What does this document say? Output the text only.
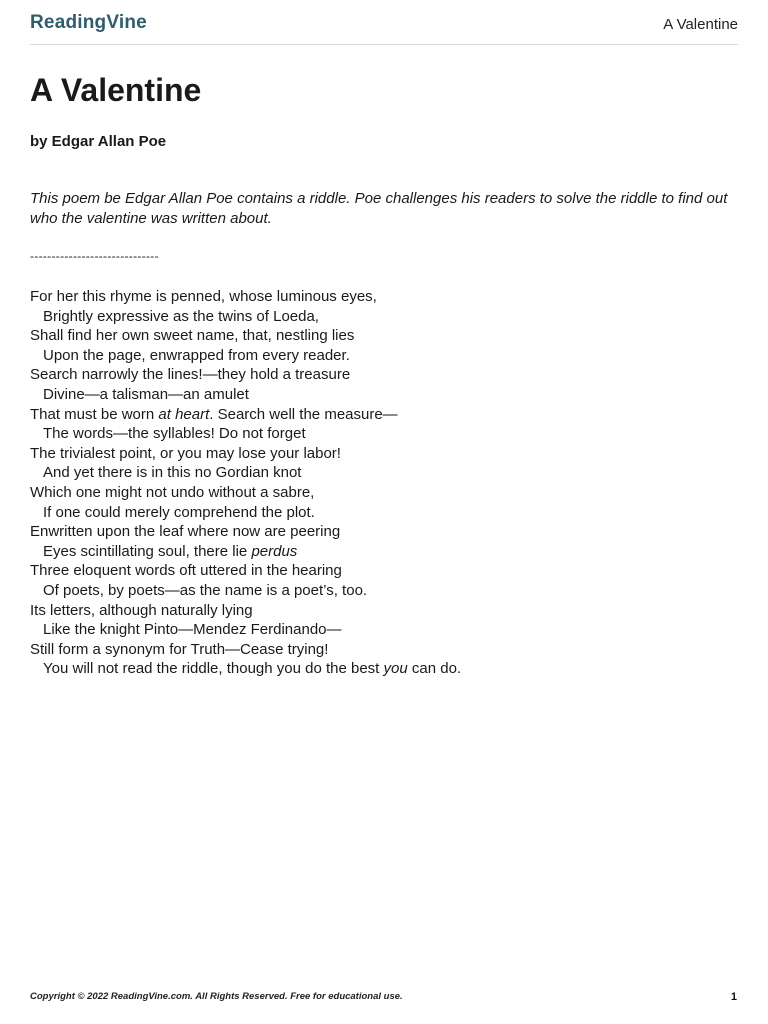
ReadingVine	A Valentine
A Valentine
by Edgar Allan Poe
This poem be Edgar Allan Poe contains a riddle. Poe challenges his readers to solve the riddle to find out who the valentine was written about.
------------------------------
For her this rhyme is penned, whose luminous eyes,
Brightly expressive as the twins of Loeda,
Shall find her own sweet name, that, nestling lies
Upon the page, enwrapped from every reader.
Search narrowly the lines!—they hold a treasure
Divine—a talisman—an amulet
That must be worn at heart. Search well the measure—
The words—the syllables! Do not forget
The trivialest point, or you may lose your labor!
And yet there is in this no Gordian knot
Which one might not undo without a sabre,
If one could merely comprehend the plot.
Enwritten upon the leaf where now are peering
Eyes scintillating soul, there lie perdus
Three eloquent words oft uttered in the hearing
Of poets, by poets—as the name is a poet’s, too.
Its letters, although naturally lying
Like the knight Pinto—Mendez Ferdinando—
Still form a synonym for Truth—Cease trying!
You will not read the riddle, though you do the best you can do.
Copyright © 2022 ReadingVine.com. All Rights Reserved. Free for educational use.	1
